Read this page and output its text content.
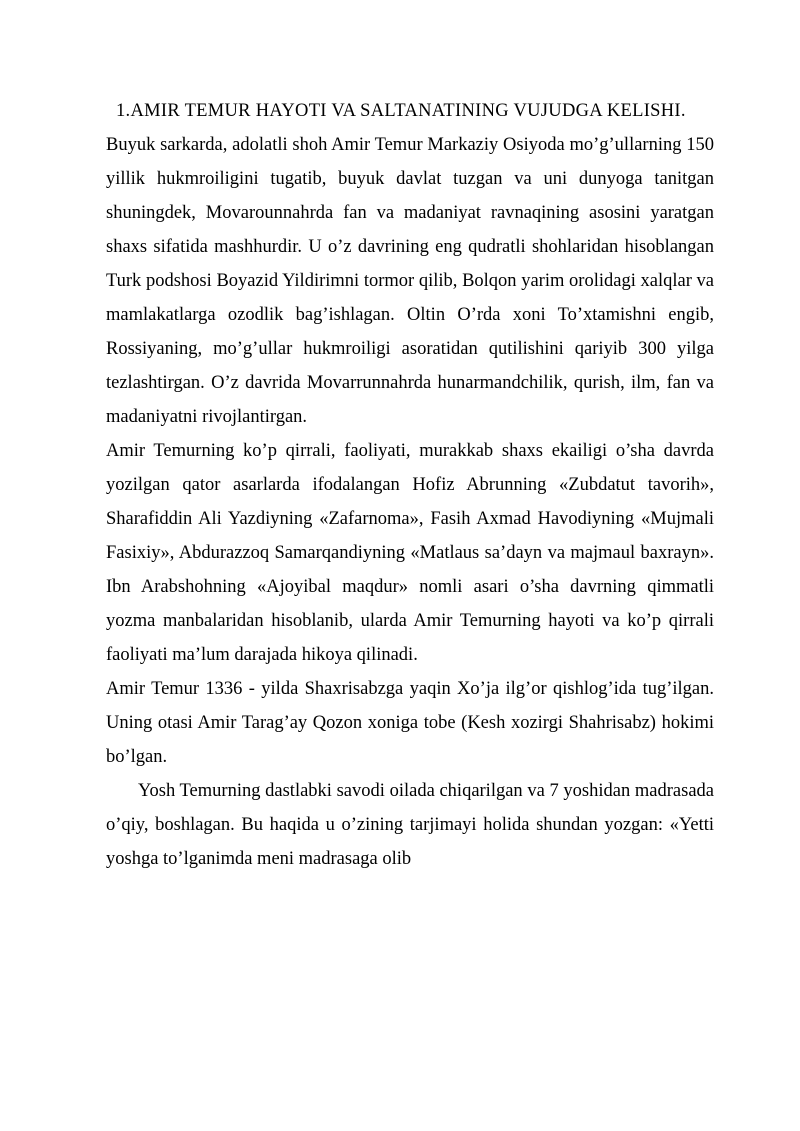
1.AMIR TEMUR HAYOTI VA SALTANATINING VUJUDGA KELISHI.

Buyuk sarkarda, adolatli shoh Amir Temur Markaziy Osiyoda mo’g’ullarning 150 yillik hukmroiligini tugatib, buyuk davlat tuzgan va uni dunyoga tanitgan shuningdek, Movarounnahrda fan va madaniyat ravnaqining asosini yaratgan shaxs sifatida mashhurdir. U o’z davrining eng qudratli shohlaridan hisoblangan Turk podshosi Boyazid Yildirimni tormor qilib, Bolqon yarim orolidagi xalqlar va mamlakatlarga ozodlik bag’ishlagan. Oltin O’rda xoni To’xtamishni engib, Rossiyaning, mo’g’ullar hukmroiligi asoratidan qutilishini qariyib 300 yilga tezlashtirgan. O’z davrida Movarrunnahrda hunarmandchilik, qurish, ilm, fan va madaniyatni rivojlantirgan.

Amir Temurning ko’p qirrali, faoliyati, murakkab shaxs ekailigi o’sha davrda yozilgan qator asarlarda ifodalangan Hofiz Abrunning «Zubdatut tavorih», Sharafiddin Ali Yazdiyning «Zafarnoma», Fasih Axmad Havodiyning «Mujmali Fasixiy», Abdurazzoq Samarqandiyning «Matlaus sa’dayn va majmaul baxrayn». Ibn Arabshohning «Ajoyibal maqdur» nomli asari o’sha davrning qimmatli yozma manbalaridan hisoblanib, ularda Amir Temurning hayoti va ko’p qirrali faoliyati ma’lum darajada hikoya qilinadi.

Amir Temur 1336 - yilda Shaxrisabzga yaqin Xo’ja ilg’or qishlog’ida tug’ilgan. Uning otasi Amir Tarag’ay Qozon xoniga tobe (Kesh xozirgi Shahrisabz) hokimi bo’lgan.

Yosh Temurning dastlabki savodi oilada chiqarilgan va 7 yoshidan madrasada o’qiy, boshlagan. Bu haqida u o’zining tarjimayi holida shundan yozgan: «Yetti yoshga to’lganimda meni madrasaga olib
